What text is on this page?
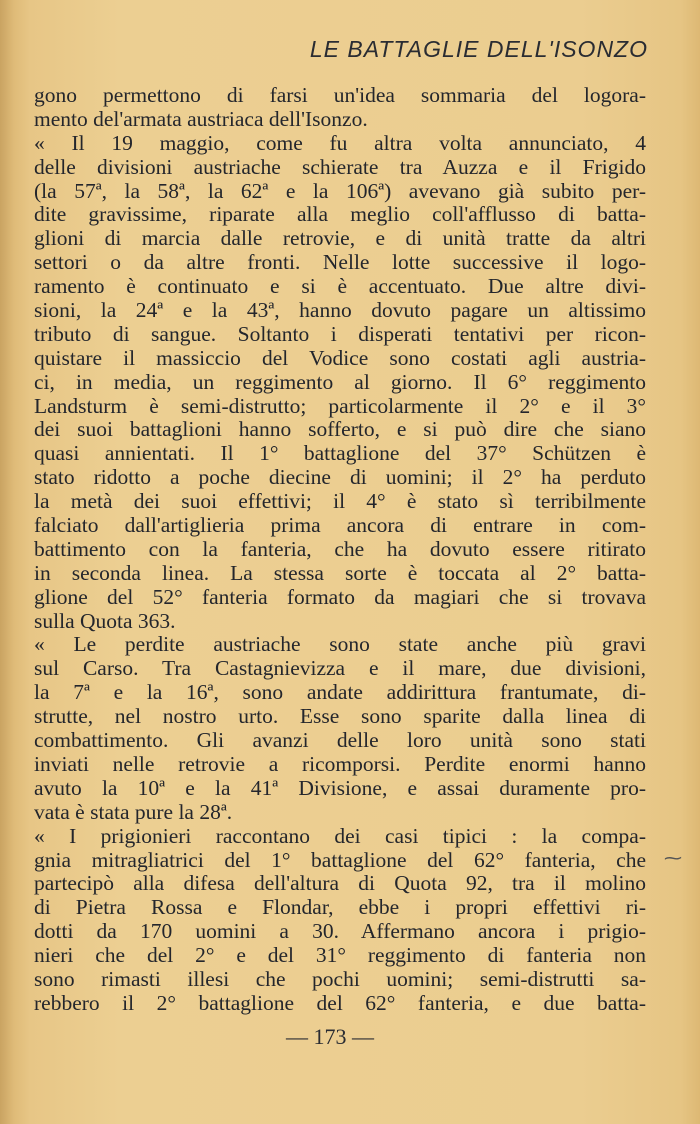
LE BATTAGLIE DELL'ISONZO
gono permettono di farsi un'idea sommaria del logora-
mento del'armata austriaca dell'Isonzo.
« Il 19 maggio, come fu altra volta annunciato, 4
delle divisioni austriache schierate tra Auzza e il Frigido
(la 57ª, la 58ª, la 62ª e la 106ª) avevano già subito per-
dite gravissime, riparate alla meglio coll'afflusso di batta-
glioni di marcia dalle retrovie, e di unità tratte da altri
settori o da altre fronti. Nelle lotte successive il logo-
ramento è continuato e si è accentuato. Due altre divi-
sioni, la 24ª e la 43ª, hanno dovuto pagare un altissimo
tributo di sangue. Soltanto i disperati tentativi per ricon-
quistare il massiccio del Vodice sono costati agli austria-
ci, in media, un reggimento al giorno. Il 6° reggimento
Landsturm è semi-distrutto; particolarmente il 2° e il 3°
dei suoi battaglioni hanno sofferto, e si può dire che siano
quasi annientati. Il 1° battaglione del 37° Schützen è
stato ridotto a poche diecine di uomini; il 2° ha perduto
la metà dei suoi effettivi; il 4° è stato sì terribilmente
falciato dall'artiglieria prima ancora di entrare in com-
battimento con la fanteria, che ha dovuto essere ritirato
in seconda linea. La stessa sorte è toccata al 2° batta-
glione del 52° fanteria formato da magiari che si trovava
sulla Quota 363.
« Le perdite austriache sono state anche più gravi
sul Carso. Tra Castagnievizza e il mare, due divisioni,
la 7ª e la 16ª, sono andate addirittura frantumate, di-
strutte, nel nostro urto. Esse sono sparite dalla linea di
combattimento. Gli avanzi delle loro unità sono stati
inviati nelle retrovie a ricomporsi. Perdite enormi hanno
avuto la 10ª e la 41ª Divisione, e assai duramente pro-
vata è stata pure la 28ª.
« I prigionieri raccontano dei casi tipici : la compa-
gnia mitragliatrici del 1° battaglione del 62° fanteria, che
partecipò alla difesa dell'altura di Quota 92, tra il molino
di Pietra Rossa e Flondar, ebbe i propri effettivi ri-
dotti da 170 uomini a 30. Affermano ancora i prigio-
nieri che del 2° e del 31° reggimento di fanteria non
sono rimasti illesi che pochi uomini; semi-distrutti sa-
rebbero il 2° battaglione del 62° fanteria, e due batta-
⁓
— 173 —
